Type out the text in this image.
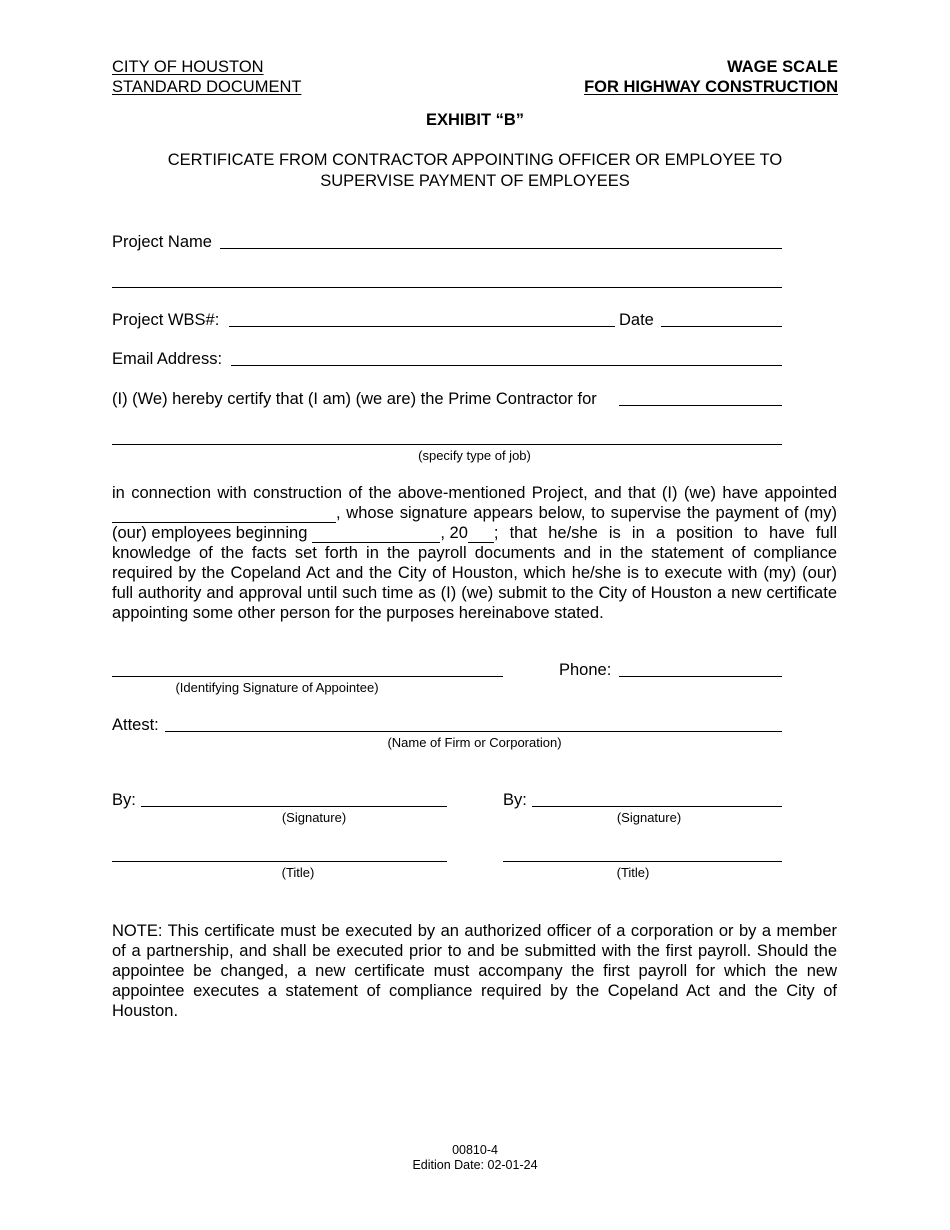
CITY OF HOUSTON
STANDARD DOCUMENT
WAGE SCALE
FOR HIGHWAY CONSTRUCTION
EXHIBIT “B”
CERTIFICATE FROM CONTRACTOR APPOINTING OFFICER OR EMPLOYEE TO
SUPERVISE PAYMENT OF EMPLOYEES
Project Name
Project WBS#:	Date
Email Address:
(I) (We) hereby certify that (I am) (we are) the Prime Contractor for
(specify type of job)
in connection with construction of the above-mentioned Project, and that (I) (we) have appointed
, whose signature appears below, to supervise the payment of (my)
(our) employees beginning	, 20 ; that he/she is in a position to have full
knowledge of the facts set forth in the payroll documents and in the statement of compliance
required by the Copeland Act and the City of Houston, which he/she is to execute with (my) (our)
full authority and approval until such time as (I) (we) submit to the City of Houston a new certificate
appointing some other person for the purposes hereinabove stated.
(Identifying Signature of Appointee)
Phone:
Attest:
(Name of Firm or Corporation)
By:
(Signature)
By:
(Signature)
(Title)	(Title)
NOTE: This certificate must be executed by an authorized officer of a corporation or by a member
of a partnership, and shall be executed prior to and be submitted with the first payroll. Should the
appointee be changed, a new certificate must accompany the first payroll for which the new
appointee executes a statement of compliance required by the Copeland Act and the City of
Houston.
00810-4
Edition Date: 02-01-24
